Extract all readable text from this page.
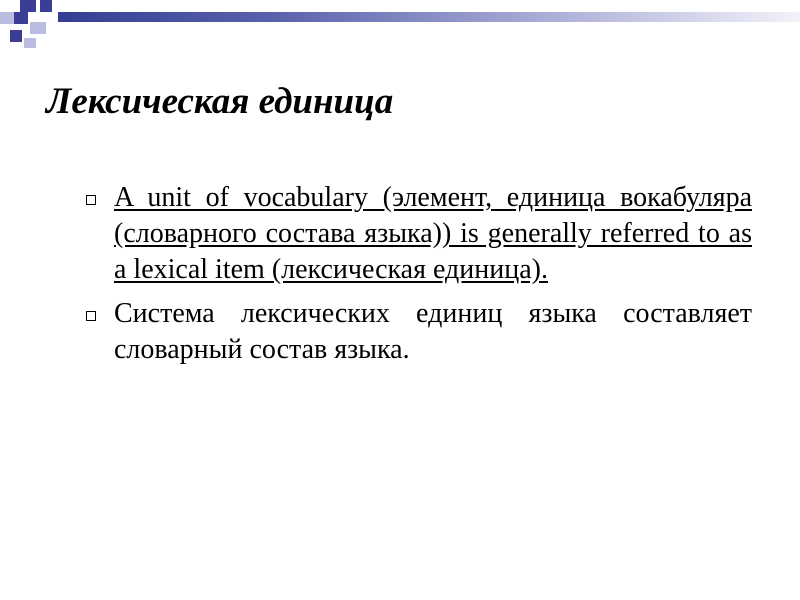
Лексическая единица
A unit of vocabulary (элемент, единица вокабуляра (словарного состава языка)) is generally referred to as a lexical item (лексическая единица).
Система лексических единиц языка составляет словарный состав языка.
